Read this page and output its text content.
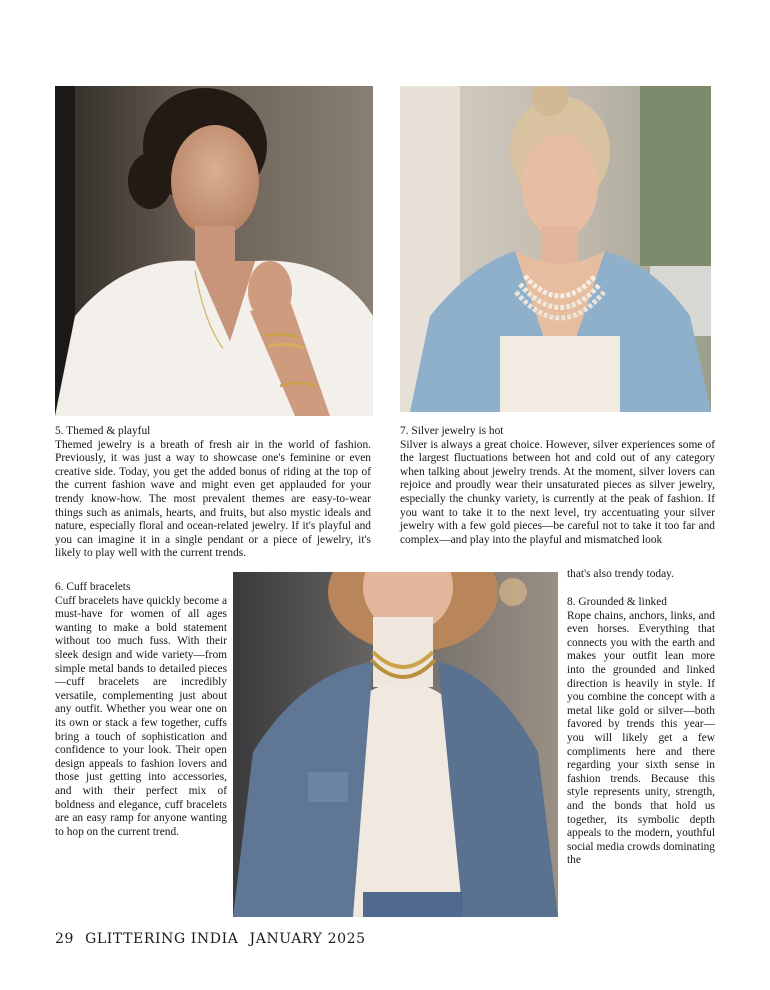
5. Themed & playful

Themed jewelry is a breath of fresh air in the world of fashion. Previously, it was just a way to showcase one's feminine or even creative side. Today, you get the added bonus of riding at the top of the current fashion wave and might even get applauded for your trendy know-how. The most prevalent themes are easy-to-wear things such as animals, hearts, and fruits, but also mystic ideals and nature, especially floral and ocean-related jewelry. If it's playful and you can imagine it in a single pendant or a piece of jewelry, it's likely to play well with the current trends.

7. Silver jewelry is hot

Silver is always a great choice. However, silver experiences some of the largest fluctuations between hot and cold out of any category when talking about jewelry trends. At the moment, silver lovers can rejoice and proudly wear their unsaturated pieces as silver jewelry, especially the chunky variety, is currently at the peak of fashion. If you want to take it to the next level, try accentuating your silver jewelry with a few gold pieces—be careful not to take it too far and complex—and play into the playful and mismatched look

that's also trendy today.
6. Cuff bracelets

Cuff bracelets have quickly become a must-have for women of all ages wanting to make a bold statement without too much fuss. With their sleek design and wide variety—from simple metal bands to detailed pieces—cuff bracelets are incredibly versatile, complementing just about any outfit. Whether you wear one on its own or stack a few together, cuffs bring a touch of sophistication and confidence to your look. Their open design appeals to fashion lovers and those just getting into accessories, and with their perfect mix of boldness and elegance, cuff bracelets are an easy ramp for anyone wanting to hop on the current trend.

8. Grounded & linked

Rope chains, anchors, links, and even horses. Everything that connects you with the earth and makes your outfit lean more into the grounded and linked direction is heavily in style. If you combine the concept with a metal like gold or silver—both favored by trends this year—you will likely get a few compliments here and there regarding your sixth sense in fashion trends. Because this style represents unity, strength, and the bonds that hold us together, its symbolic depth appeals to the modern, youthful social media crowds dominating the

29 GLITTERING INDIA JANUARY 2025
